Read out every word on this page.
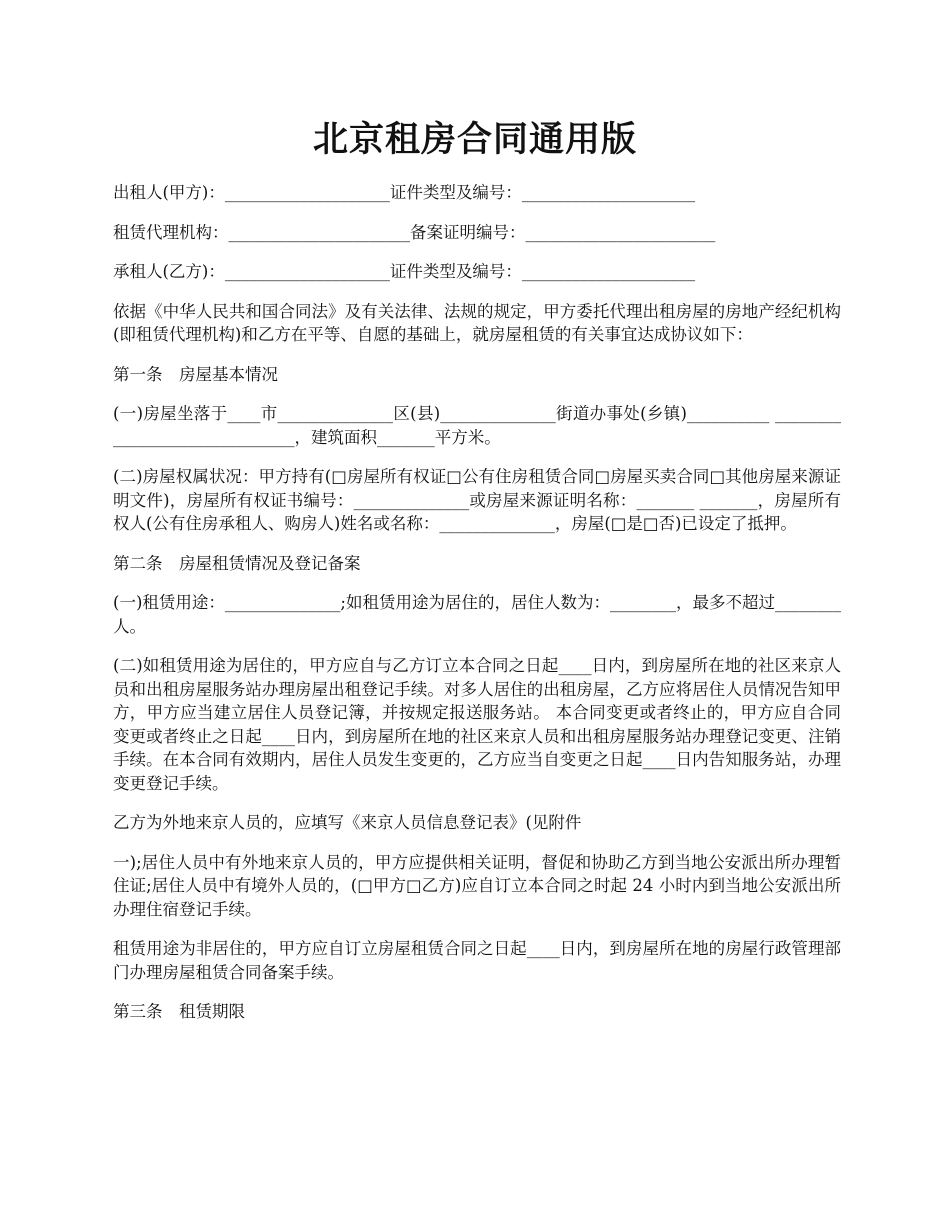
北京租房合同通用版

出租人(甲方)：____________________证件类型及编号：_____________________

租赁代理机构：______________________备案证明编号：_______________________

承租人(乙方)：____________________证件类型及编号：_____________________

依据《中华人民共和国合同法》及有关法律、法规的规定，甲方委托代理出租房屋的房地产经纪机构(即租赁代理机构)和乙方在平等、自愿的基础上，就房屋租赁的有关事宜达成协议如下：

第一条　房屋基本情况

(一)房屋坐落于____市______________区(县)______________街道办事处(乡镇)__________ ______________________________，建筑面积_______平方米。

(二)房屋权属状况：甲方持有(□房屋所有权证□公有住房租赁合同□房屋买卖合同□其他房屋来源证明文件)，房屋所有权证书编号：______________或房屋来源证明名称：_______ _______，房屋所有权人(公有住房承租人、购房人)姓名或名称：______________，房屋(□是□否)已设定了抵押。

第二条　房屋租赁情况及登记备案

(一)租赁用途：______________;如租赁用途为居住的，居住人数为：________，最多不超过________人。

(二)如租赁用途为居住的，甲方应自与乙方订立本合同之日起____日内，到房屋所在地的社区来京人员和出租房屋服务站办理房屋出租登记手续。对多人居住的出租房屋，乙方应将居住人员情况告知甲方，甲方应当建立居住人员登记簿，并按规定报送服务站。 本合同变更或者终止的，甲方应自合同变更或者终止之日起____日内，到房屋所在地的社区来京人员和出租房屋服务站办理登记变更、注销手续。在本合同有效期内，居住人员发生变更的，乙方应当自变更之日起____日内告知服务站，办理变更登记手续。

乙方为外地来京人员的，应填写《来京人员信息登记表》(见附件

一);居住人员中有外地来京人员的，甲方应提供相关证明，督促和协助乙方到当地公安派出所办理暂住证;居住人员中有境外人员的，(□甲方□乙方)应自订立本合同之时起 24 小时内到当地公安派出所办理住宿登记手续。

租赁用途为非居住的，甲方应自订立房屋租赁合同之日起____日内，到房屋所在地的房屋行政管理部门办理房屋租赁合同备案手续。

第三条　租赁期限
